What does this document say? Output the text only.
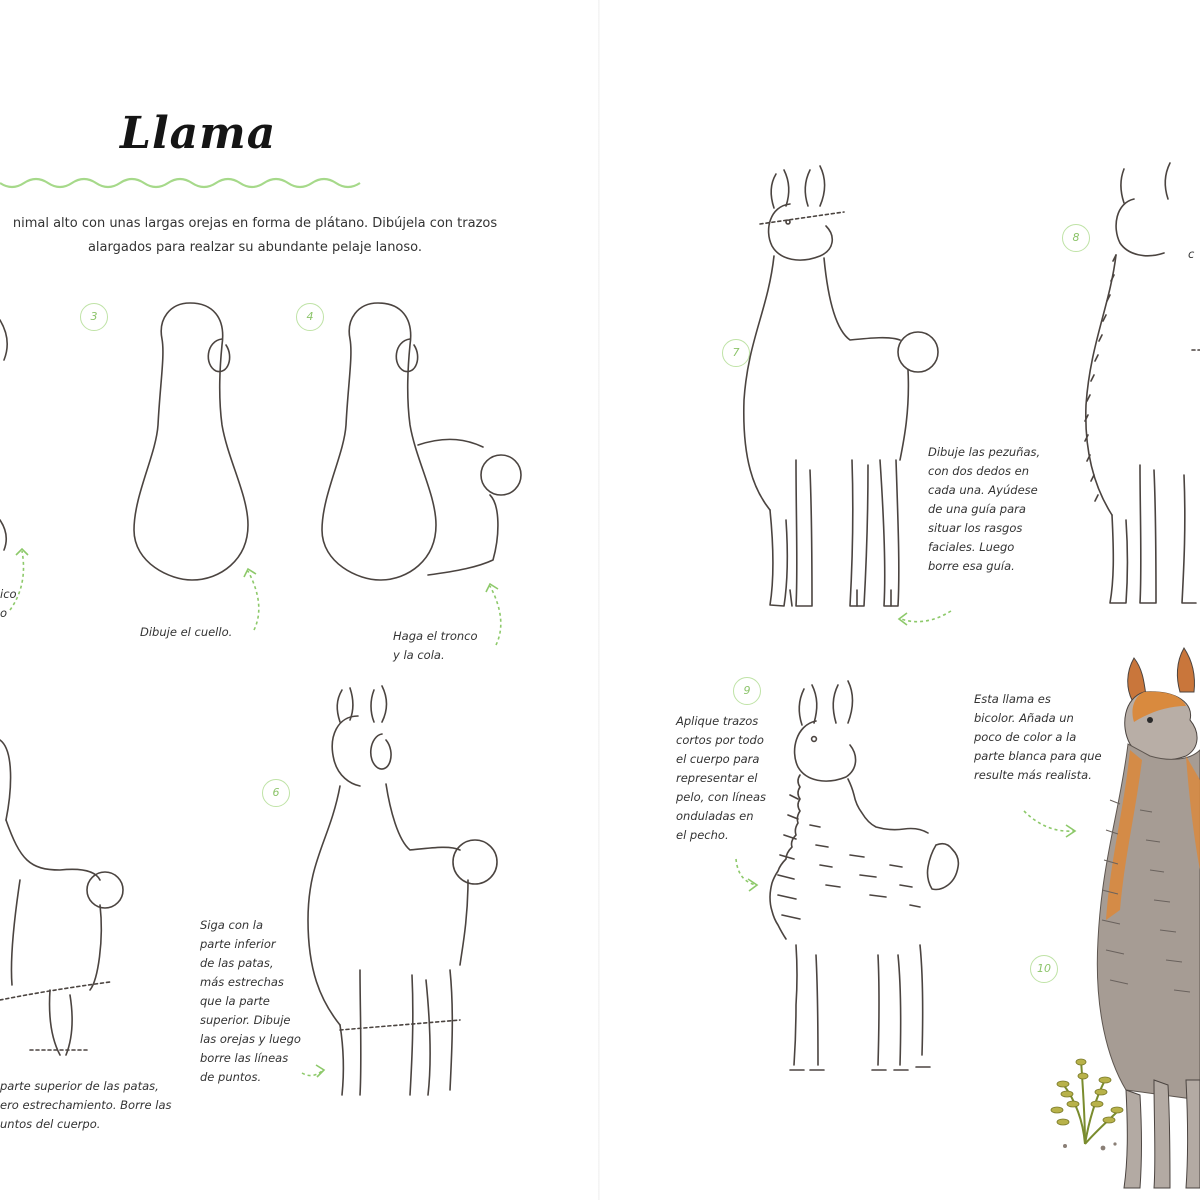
Llama
nimal alto con unas largas orejas en forma de plátano. Dibújela con trazos
alargados para realzar su abundante pelaje lanoso.
ico
o
3
Dibuje el cuello.
4
Haga el tronco
y la cola.
parte superior de las patas,
ero estrechamiento. Borre las
untos del cuerpo.
6
Siga con la
parte inferior
de las patas,
más estrechas
que la parte
superior. Dibuje
las orejas y luego
borre las líneas
de puntos.
7
Dibuje las pezuñas,
con dos dedos en
cada una. Ayúdese
de una guía para
situar los rasgos
faciales. Luego
borre esa guía.
8
c
9
Aplique trazos
cortos por todo
el cuerpo para
representar el
pelo, con líneas
onduladas en
el pecho.
10
Esta llama es
bicolor. Añada un
poco de color a la
parte blanca para que
resulte más realista.
